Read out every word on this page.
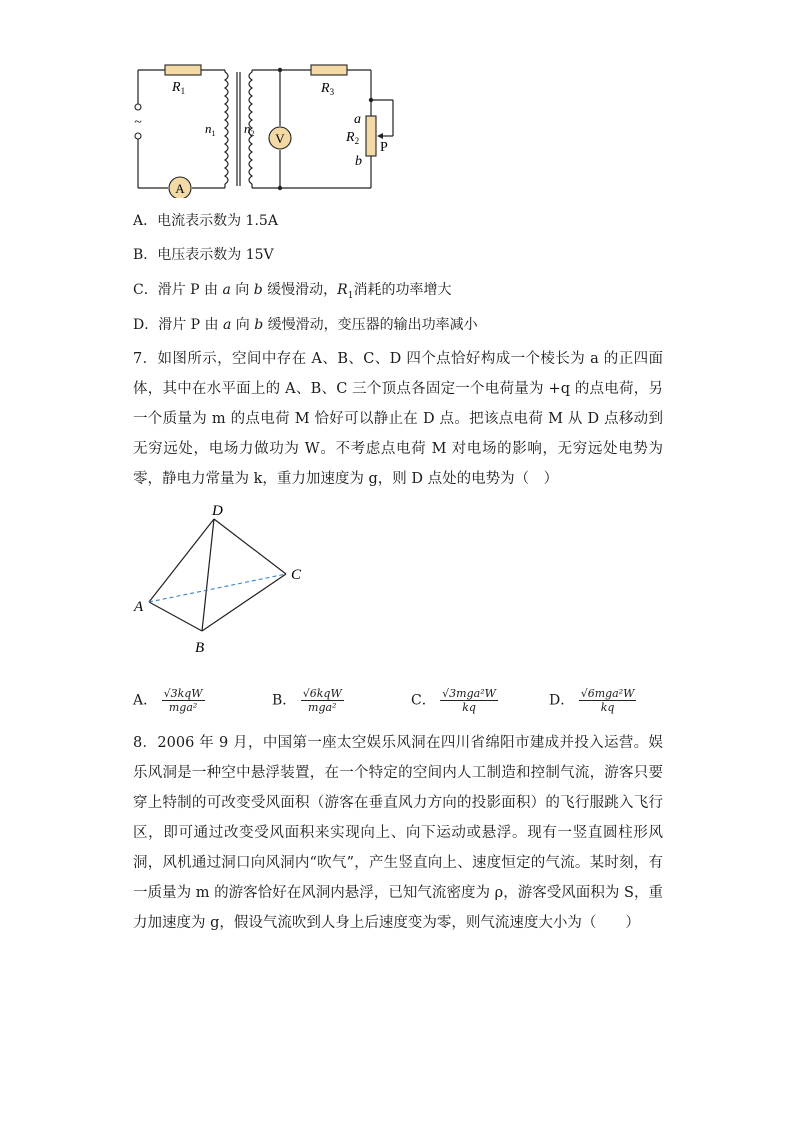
A
V
$R_1$	$R_3$
$R_2$
$n_1$ $n_2$
~	a
b
P
A．电流表示数为 1.5A
B．电压表示数为 15V
C．滑片 P 由 a 向 b 缓慢滑动，$R_1$消耗的功率增大
D．滑片 P 由 a 向 b 缓慢滑动，变压器的输出功率减小
7．如图所示，空间中存在 A、B、C、D 四个点恰好构成一个棱长为 a 的正四面体，其中在水平面上的 A、B、C 三个顶点各固定一个电荷量为 +q 的点电荷，另一个质量为 m 的点电荷 M 恰好可以静止在 D 点。把该点电荷 M 从 D 点移动到无穷远处，电场力做功为 W。不考虑点电荷 M 对电场的影响，无穷远处电势为零，静电力常量为 k，重力加速度为 g，则 D 点处的电势为（　）
D
A
B
C
A． $\frac{\text{√3kqW}}{\text{mga²}}$	B． $\frac{\text{√6kqW}}{\text{mga²}}$	C． $\frac{\text{√3mga²W}}{kq}$	D． $\frac{\text{√6mga²W}}{kq}$
8．2006 年 9 月，中国第一座太空娱乐风洞在四川省绵阳市建成并投入运营。娱乐风洞是一种空中悬浮装置，在一个特定的空间内人工制造和控制气流，游客只要穿上特制的可改变受风面积（游客在垂直风力方向的投影面积）的飞行服跳入飞行区，即可通过改变受风面积来实现向上、向下运动或悬浮。现有一竖直圆柱形风洞，风机通过洞口向风洞内“吹气”，产生竖直向上、速度恒定的气流。某时刻，有一质量为 m 的游客恰好在风洞内悬浮，已知气流密度为 ρ，游客受风面积为 S，重力加速度为 g，假设气流吹到人身上后速度变为零，则气流速度大小为（　　）
